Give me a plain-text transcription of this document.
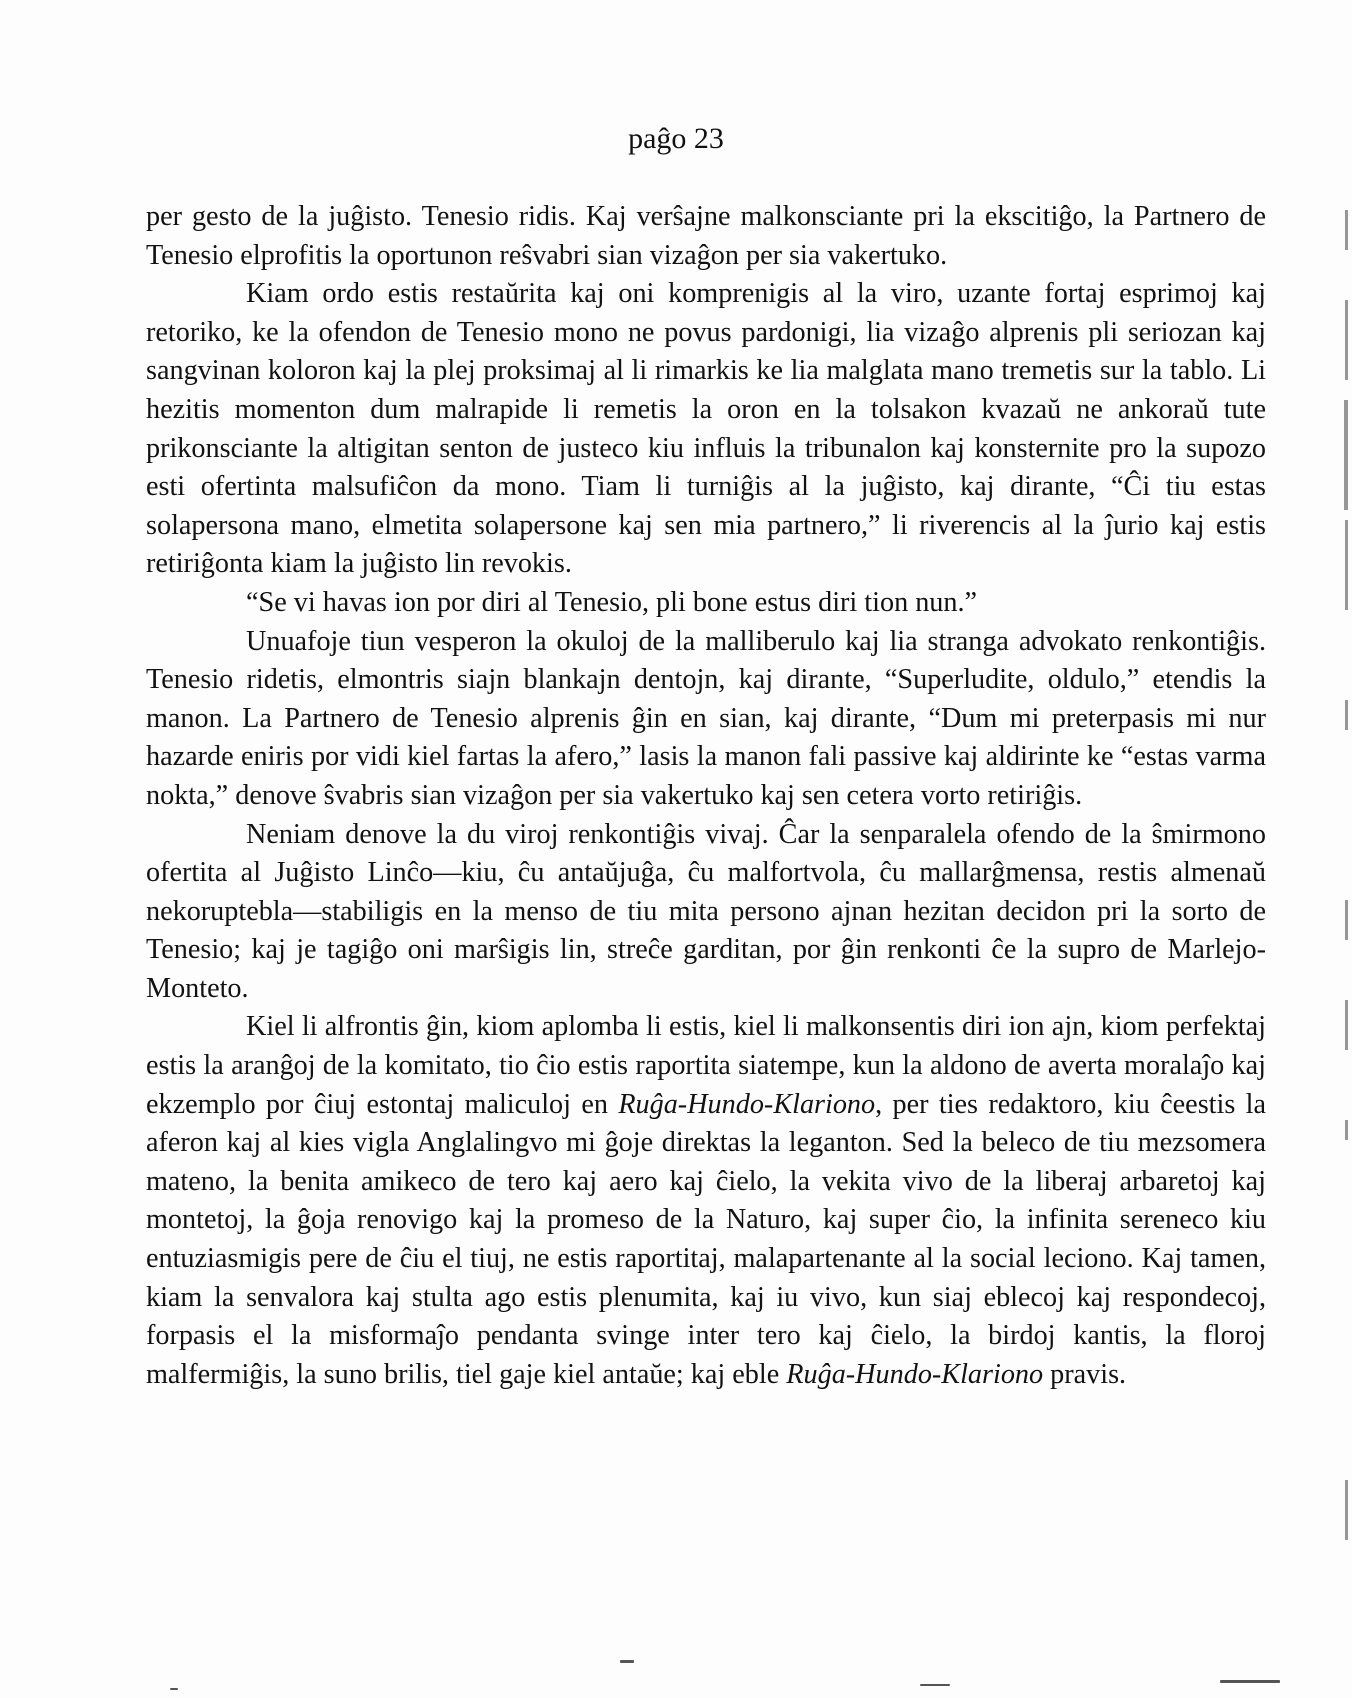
paĝo 23

per gesto de la juĝisto. Tenesio ridis. Kaj verŝajne malkonsciante pri la ekscitiĝo, la Partnero de Tenesio elprofitis la oportunon reŝvabri sian vizaĝon per sia vakertuko.

Kiam ordo estis restaŭrita kaj oni komprenigis al la viro, uzante fortaj esprimoj kaj retoriko, ke la ofendon de Tenesio mono ne povus pardonigi, lia vizaĝo alprenis pli seriozan kaj sangvinan koloron kaj la plej proksimaj al li rimarkis ke lia malglata mano tremetis sur la tablo. Li hezitis momenton dum malrapide li remetis la oron en la tolsakon kvazaŭ ne ankoraŭ tute prikonsciante la altigitan senton de justeco kiu influis la tribunalon kaj konsternite pro la supozo esti ofertinta malsufiĉon da mono. Tiam li turniĝis al la juĝisto, kaj dirante, “Ĉi tiu estas solapersona mano, elmetita solapersone kaj sen mia partnero,” li riverencis al la ĵurio kaj estis retiriĝonta kiam la juĝisto lin revokis.

“Se vi havas ion por diri al Tenesio, pli bone estus diri tion nun.”

Unuafoje tiun vesperon la okuloj de la malliberulo kaj lia stranga advokato renkontiĝis. Tenesio ridetis, elmontris siajn blankajn dentojn, kaj dirante, “Superludite, oldulo,” etendis la manon. La Partnero de Tenesio alprenis ĝin en sian, kaj dirante, “Dum mi preterpasis mi nur hazarde eniris por vidi kiel fartas la afero,” lasis la manon fali passive kaj aldirinte ke “estas varma nokta,” denove ŝvabris sian vizaĝon per sia vakertuko kaj sen cetera vorto retiriĝis.

Neniam denove la du viroj renkontiĝis vivaj. Ĉar la senparalela ofendo de la ŝmirmono ofertita al Juĝisto Linĉo—kiu, ĉu antaŭjuĝa, ĉu malfortvola, ĉu mallarĝmensa, restis almenaŭ nekoruptebla—stabiligis en la menso de tiu mita persono ajnan hezitan decidon pri la sorto de Tenesio; kaj je tagiĝo oni marŝigis lin, streĉe garditan, por ĝin renkonti ĉe la supro de Marlejo-Monteto.

Kiel li alfrontis ĝin, kiom aplomba li estis, kiel li malkonsentis diri ion ajn, kiom perfektaj estis la aranĝoj de la komitato, tio ĉio estis raportita siatempe, kun la aldono de averta moralaĵo kaj ekzemplo por ĉiuj estontaj maliculoj en Ruĝa-Hundo-Klariono, per ties redaktoro, kiu ĉeestis la aferon kaj al kies vigla Anglalingvo mi ĝoje direktas la leganton. Sed la beleco de tiu mezsomera mateno, la benita amikeco de tero kaj aero kaj ĉielo, la vekita vivo de la liberaj arbaretoj kaj montetoj, la ĝoja renovigo kaj la promeso de la Naturo, kaj super ĉio, la infinita sereneco kiu entuziasmigis pere de ĉiu el tiuj, ne estis raportitaj, malapartenante al la social leciono. Kaj tamen, kiam la senvalora kaj stulta ago estis plenumita, kaj iu vivo, kun siaj eblecoj kaj respondecoj, forpasis el la misformaĵo pendanta svinge inter tero kaj ĉielo, la birdoj kantis, la floroj malfermiĝis, la suno brilis, tiel gaje kiel antaŭe; kaj eble Ruĝa-Hundo-Klariono pravis.
